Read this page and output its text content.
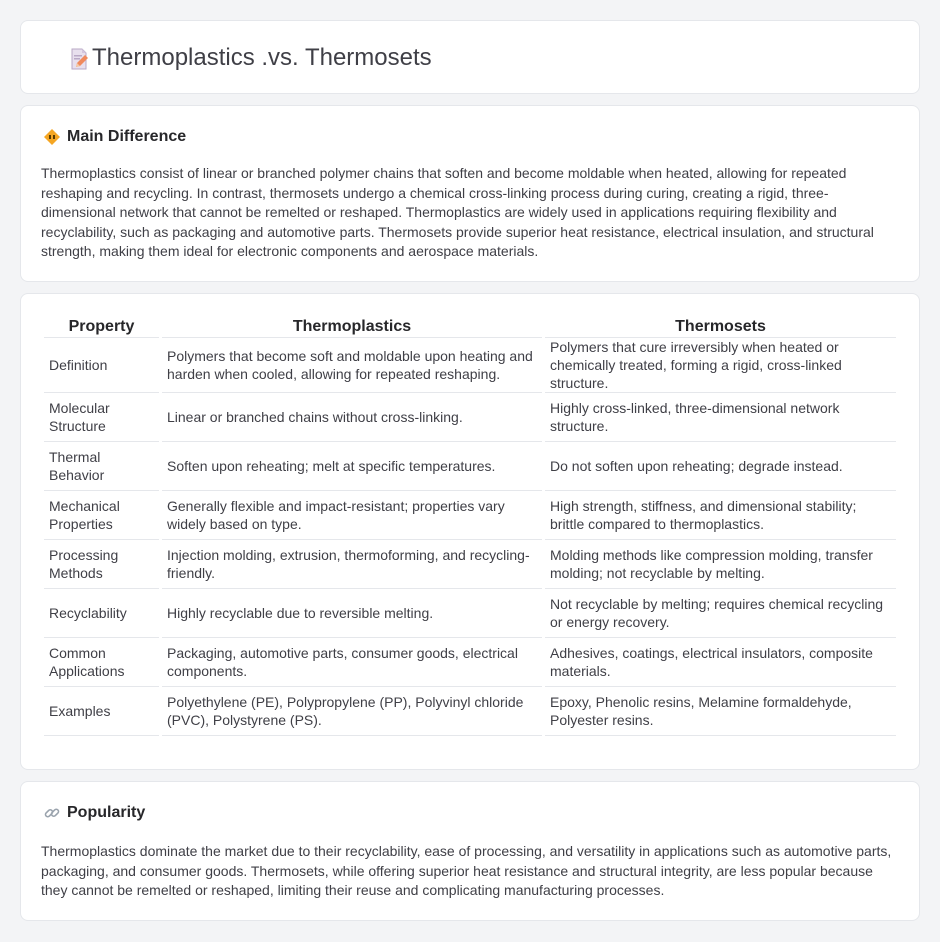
Thermoplastics .vs. Thermosets
Main Difference

Thermoplastics consist of linear or branched polymer chains that soften and become moldable when heated, allowing for repeated reshaping and recycling. In contrast, thermosets undergo a chemical cross-linking process during curing, creating a rigid, three-dimensional network that cannot be remelted or reshaped. Thermoplastics are widely used in applications requiring flexibility and recyclability, such as packaging and automotive parts. Thermosets provide superior heat resistance, electrical insulation, and structural strength, making them ideal for electronic components and aerospace materials.

Property	Thermoplastics	Thermosets
Definition	Polymers that become soft and moldable upon heating and harden when cooled, allowing for repeated reshaping.	Polymers that cure irreversibly when heated or chemically treated, forming a rigid, cross-linked structure.
Molecular Structure	Linear or branched chains without cross-linking.	Highly cross-linked, three-dimensional network structure.
Thermal Behavior	Soften upon reheating; melt at specific temperatures.	Do not soften upon reheating; degrade instead.
Mechanical Properties	Generally flexible and impact-resistant; properties vary widely based on type.	High strength, stiffness, and dimensional stability; brittle compared to thermoplastics.
Processing Methods	Injection molding, extrusion, thermoforming, and recycling-friendly.	Molding methods like compression molding, transfer molding; not recyclable by melting.
Recyclability	Highly recyclable due to reversible melting.	Not recyclable by melting; requires chemical recycling or energy recovery.
Common Applications	Packaging, automotive parts, consumer goods, electrical components.	Adhesives, coatings, electrical insulators, composite materials.
Examples	Polyethylene (PE), Polypropylene (PP), Polyvinyl chloride (PVC), Polystyrene (PS).	Epoxy, Phenolic resins, Melamine formaldehyde, Polyester resins.
Popularity

Thermoplastics dominate the market due to their recyclability, ease of processing, and versatility in applications such as automotive parts, packaging, and consumer goods. Thermosets, while offering superior heat resistance and structural integrity, are less popular because they cannot be remelted or reshaped, limiting their reuse and complicating manufacturing processes.
